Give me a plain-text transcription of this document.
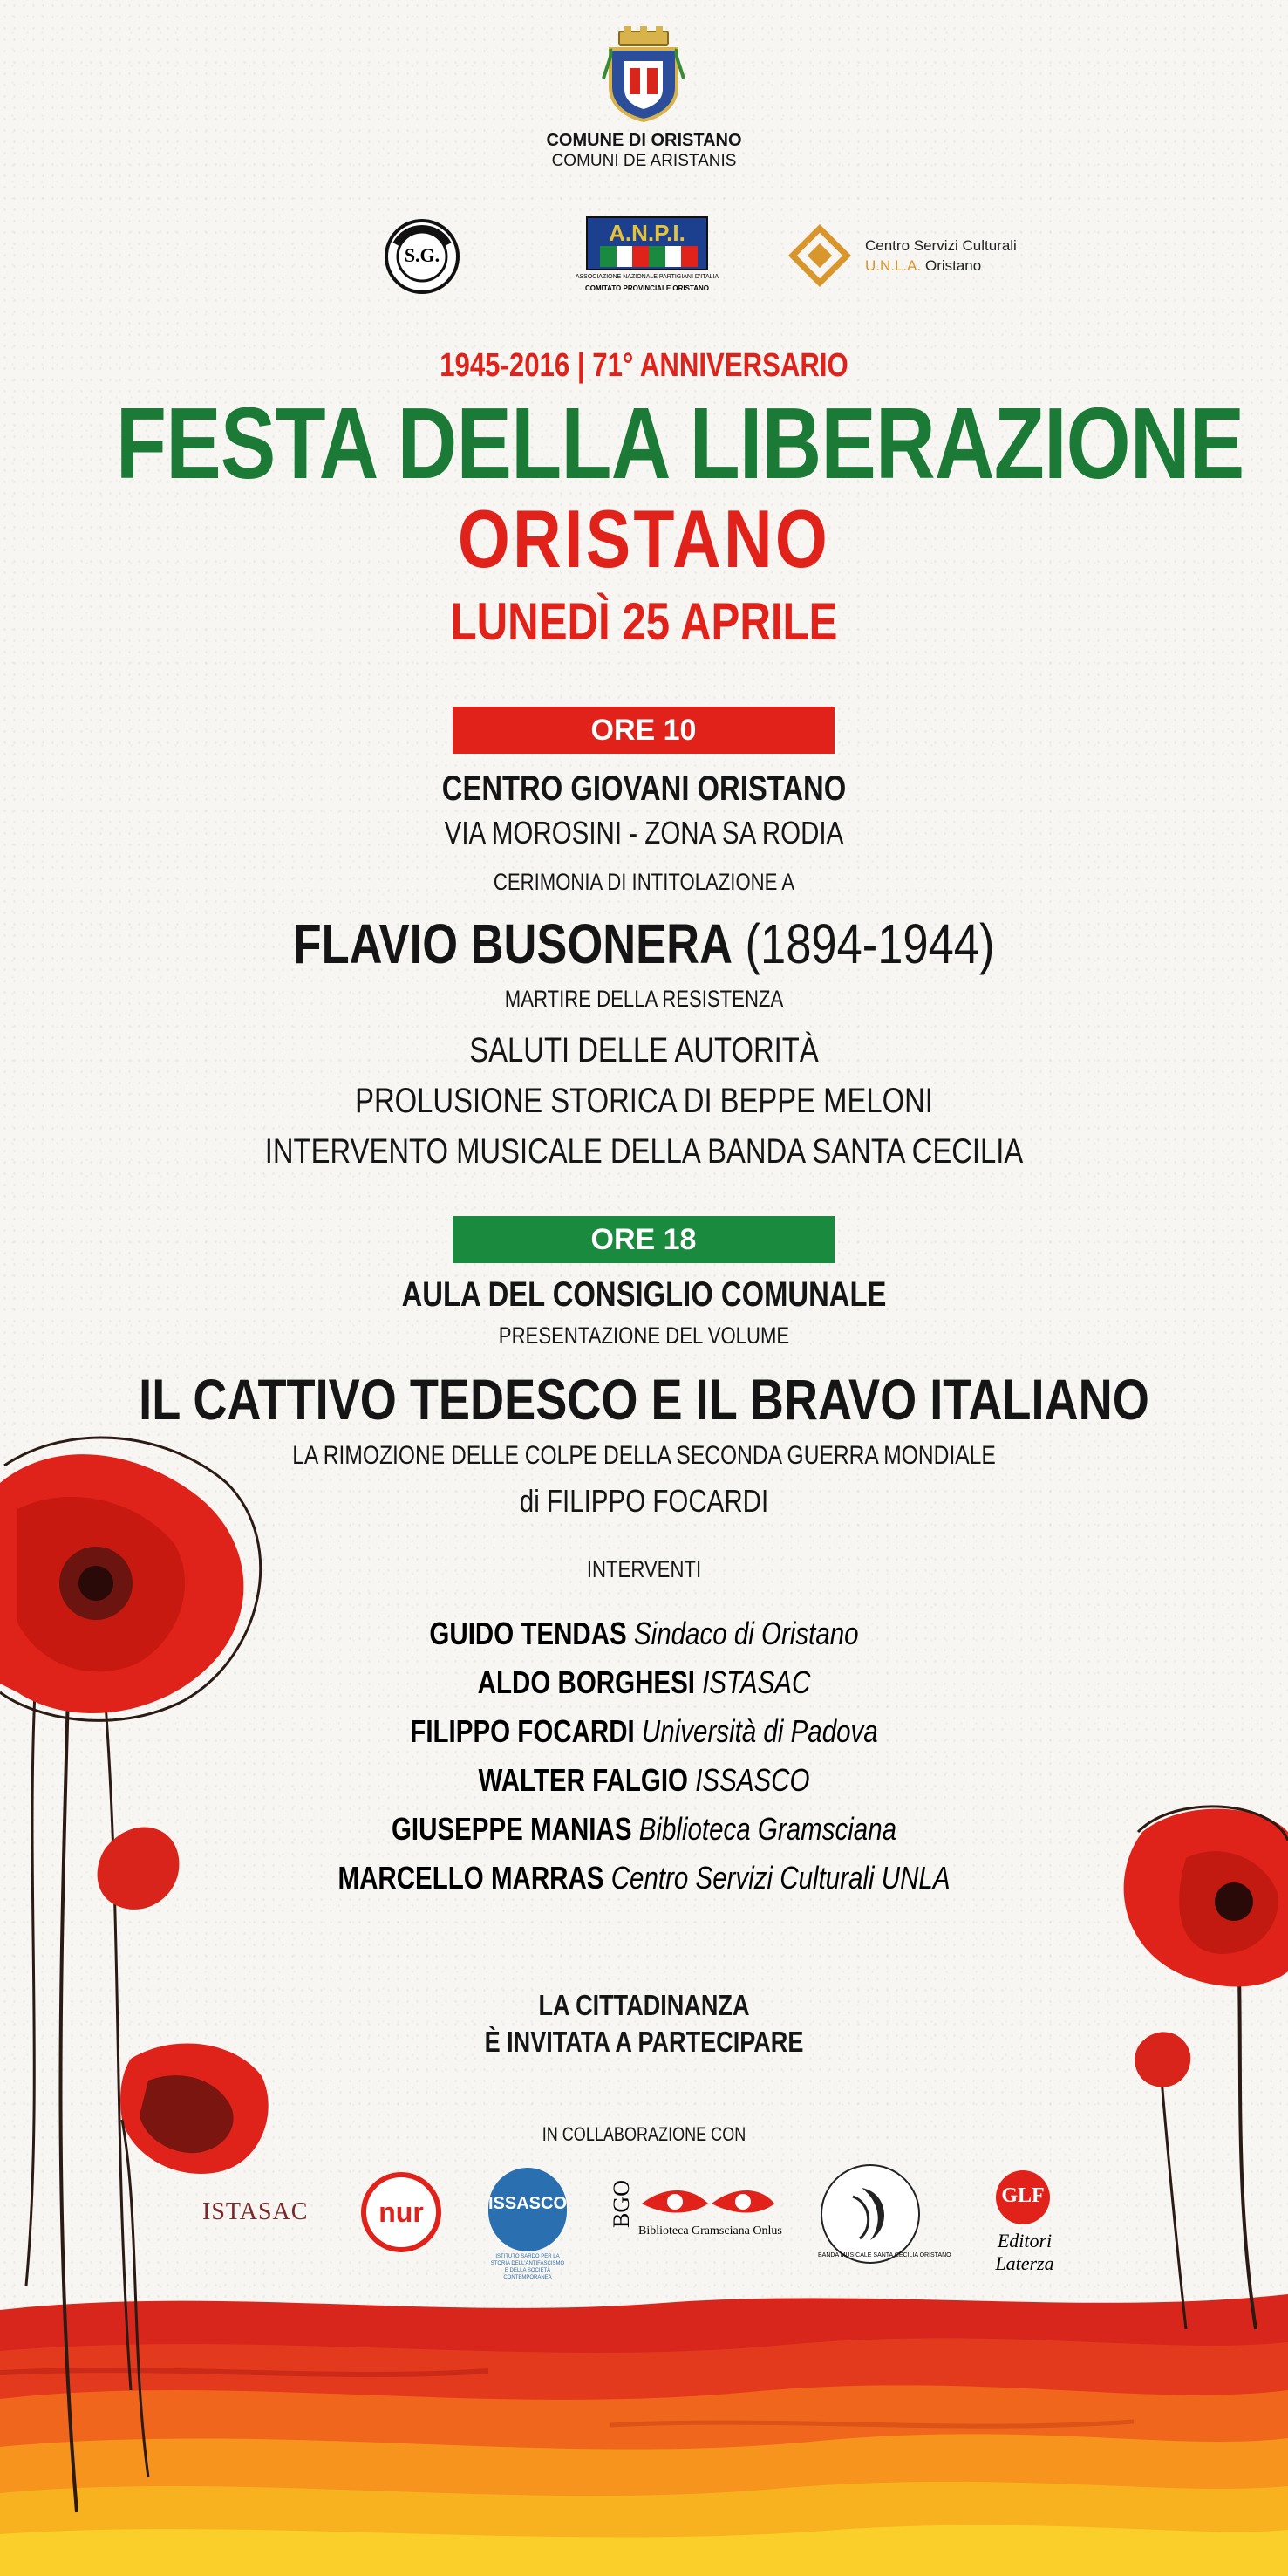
COMUNE DI ORISTANO
COMUNI DE ARISTANIS
S.G.
A.N.P.I.
ASSOCIAZIONE NAZIONALE PARTIGIANI D'ITALIA
COMITATO PROVINCIALE ORISTANO
Centro Servizi Culturali
U.N.L.A. Oristano
1945-2016 | 71° ANNIVERSARIO
FESTA DELLA LIBERAZIONE
ORISTANO
LUNEDÌ 25 APRILE
ORE 10
CENTRO GIOVANI ORISTANO
VIA MOROSINI - ZONA SA RODIA
CERIMONIA DI INTITOLAZIONE A
FLAVIO BUSONERA (1894-1944)
MARTIRE DELLA RESISTENZA
SALUTI DELLE AUTORITÀ
PROLUSIONE STORICA DI BEPPE MELONI
INTERVENTO MUSICALE DELLA BANDA SANTA CECILIA
ORE 18
AULA DEL CONSIGLIO COMUNALE
PRESENTAZIONE DEL VOLUME
IL CATTIVO TEDESCO E IL BRAVO ITALIANO
LA RIMOZIONE DELLE COLPE DELLA SECONDA GUERRA MONDIALE
di FILIPPO FOCARDI
INTERVENTI
GUIDO TENDAS Sindaco di Oristano
ALDO BORGHESI ISTASAC
FILIPPO FOCARDI Università di Padova
WALTER FALGIO ISSASCO
GIUSEPPE MANIAS Biblioteca Gramsciana
MARCELLO MARRAS Centro Servizi Culturali UNLA
LA CITTADINANZA
È INVITATA A PARTECIPARE
IN COLLABORAZIONE CON
ISTASAC	nur	ISSASCO
ISTITUTO SARDO PER LA STORIA DELL'ANTIFASCISMO E DELLA SOCIETÀ CONTEMPORANEA
BGO
Biblioteca Gramsciana Onlus
BANDA MUSICALE SANTA CECILIA ORISTANO
GLF
Editori Laterza
